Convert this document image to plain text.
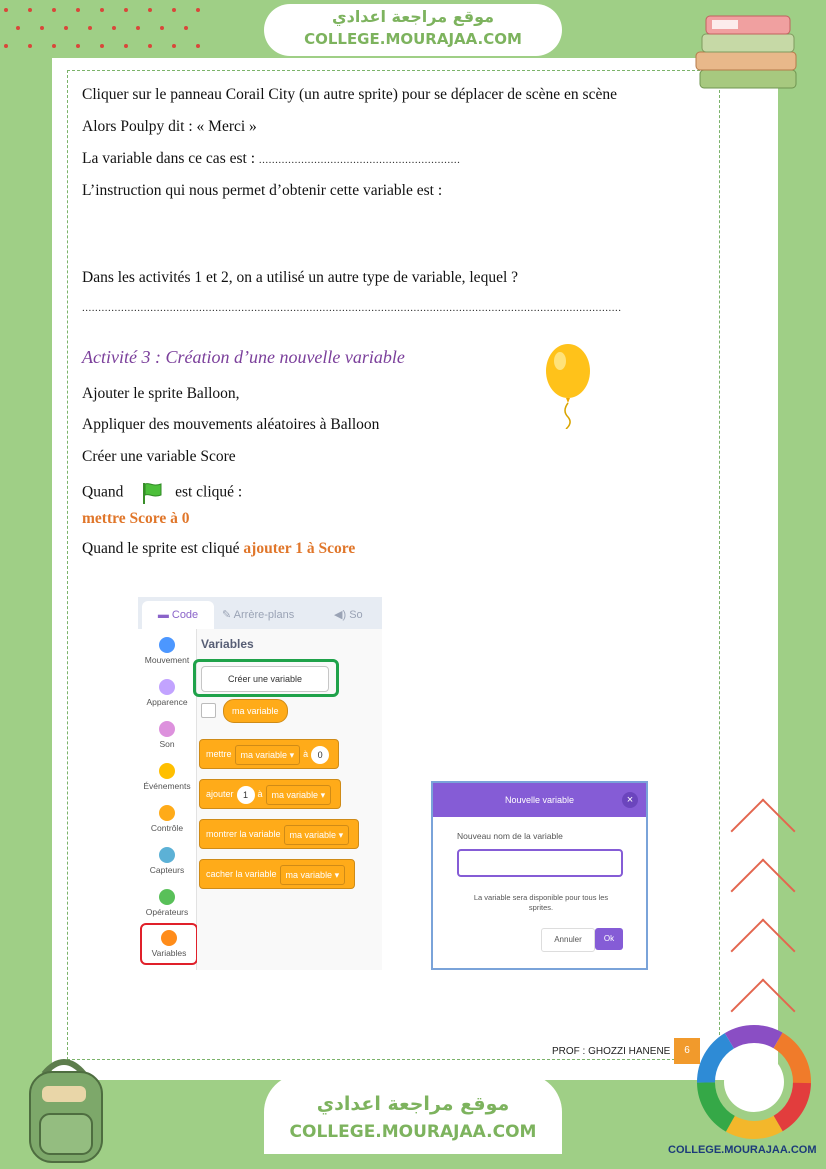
موقع مراجعة اعدادي
COLLEGE.MOURAJAA.COM
Cliquer sur le panneau Corail City (un autre sprite) pour se déplacer de scène en scène
Alors Poulpy dit : « Merci »
La variable dans ce cas est : ..............................................................
L’instruction qui nous permet d’obtenir cette variable est :
Dans les activités 1 et 2, on a utilisé un autre type de variable, lequel ?
......................................................................................................................................................................
Activité 3 : Création d’une nouvelle variable
Ajouter le sprite Balloon,
Appliquer des mouvements aléatoires à Balloon
Créer une variable Score
Quand	est cliqué :
mettre Score à 0
Quand le sprite est cliqué ajouter 1 à Score
▬ Code	✎ Arrère-plans	◀) So
Mouvement
Apparence
Son
Événements
Contrôle
Capteurs
Opérateurs
Variables
Variables
Créer une variable
ma variable
mettre ma variable ▾ à 0
ajouter 1 à ma variable ▾
montrer la variable ma variable ▾
cacher la variable ma variable ▾
Nouvelle variable	×
Nouveau nom de la variable
La variable sera disponible pour tous les sprites.
Annuler	Ok
PROF : GHOZZI HANENE	6
موقع مراجعة اعدادي
COLLEGE.MOURAJAA.COM
COLLEGE.MOURAJAA.COM
